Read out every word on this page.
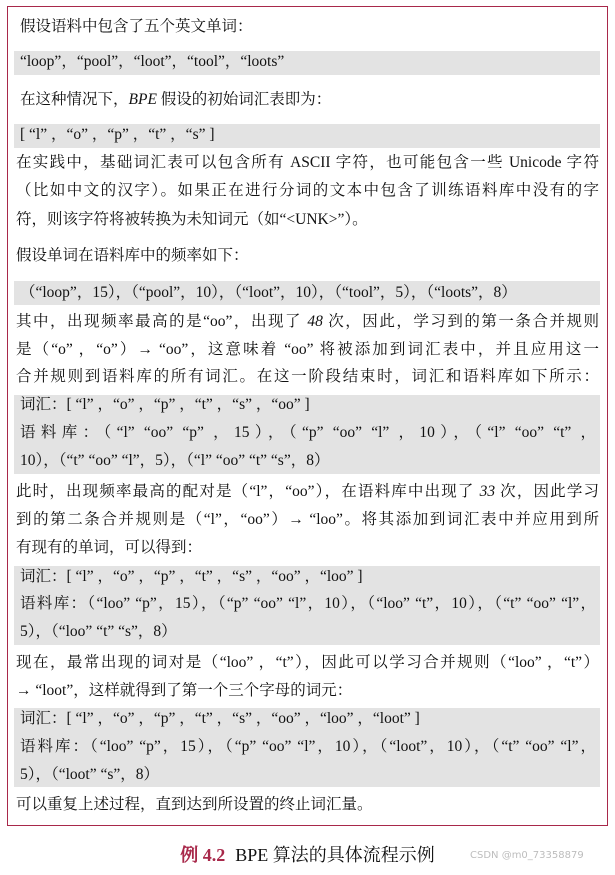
假设语料中包含了五个英文单词：
“loop”，“pool”，“loot”，“tool”，“loots”
在这种情况下，BPE 假设的初始词汇表即为：
[ “l” ，“o” ，“p” ，“t” ，“s” ]
在实践中，基础词汇表可以包含所有 ASCII 字符，也可能包含一些 Unicode 字符
（比如中文的汉字）。如果正在进行分词的文本中包含了训练语料库中没有的字
符，则该字符将被转换为未知词元（如“<UNK>”）。
假设单词在语料库中的频率如下：
（“loop”，15），（“pool”，10），（“loot”，10），（“tool”，5），（“loots”，8）
其中，出现频率最高的是“oo”，出现了 48 次，因此，学习到的第一条合并规则
是（“o” ，“o”）→ “oo”，这意味着 “oo” 将被添加到词汇表中，并且应用这一
合并规则到语料库的所有词汇。在这一阶段结束时，词汇和语料库如下所示：
词汇：[ “l” ，“o” ，“p” ，“t” ，“s” ，“oo” ]
语料库：（“l” “oo” “p” ，15），（“p” “oo” “l” ，10），（“l” “oo” “t” ，
10），（“t” “oo” “l”，5），（“l” “oo” “t” “s”，8）
此时，出现频率最高的配对是（“l”，“oo”），在语料库中出现了 33 次，因此学习
到的第二条合并规则是（“l”，“oo”）→ “loo”。将其添加到词汇表中并应用到所
有现有的单词，可以得到：
词汇：[ “l” ，“o” ，“p” ，“t” ，“s” ，“oo” ，“loo” ]
语料库：（“loo” “p”，15），（“p” “oo” “l”，10），（“loo” “t”，10），（“t” “oo” “l”，
5），（“loo” “t” “s”，8）
现在，最常出现的词对是（“loo” ，“t”），因此可以学习合并规则（“loo” ，“t”）
→ “loot”，这样就得到了第一个三个字母的词元：
词汇：[ “l” ，“o” ，“p” ，“t” ，“s” ，“oo” ，“loo” ，“loot” ]
语料库：（“loo” “p”，15），（“p” “oo” “l”，10），（“loot”，10），（“t” “oo” “l”，
5），（“loot” “s”，8）
可以重复上述过程，直到达到所设置的终止词汇量。
例 4.2 BPE 算法的具体流程示例	CSDN @m0_73358879
